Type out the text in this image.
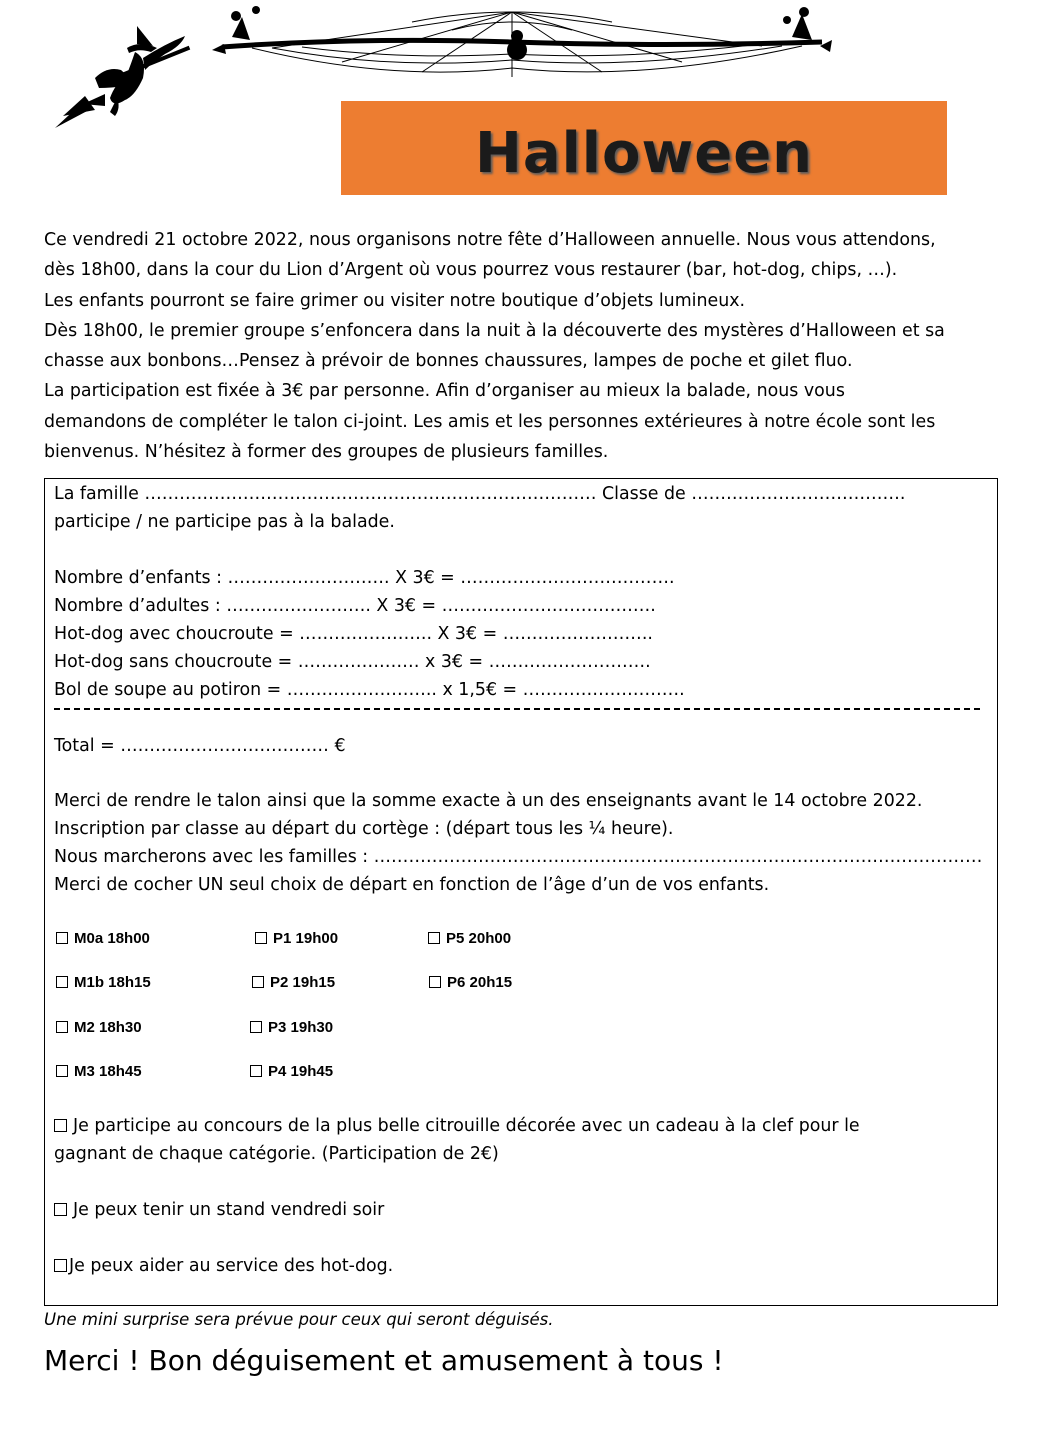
Halloween

Ce vendredi 21 octobre 2022, nous organisons notre fête d’Halloween annuelle. Nous vous attendons,

dès 18h00, dans la cour du Lion d’Argent où vous pourrez vous restaurer (bar, hot-dog, chips, …).

Les enfants pourront se faire grimer ou visiter notre boutique d’objets lumineux.

Dès 18h00, le premier groupe s’enfoncera dans la nuit à la découverte des mystères d’Halloween et sa

chasse aux bonbons…Pensez à prévoir de bonnes chaussures, lampes de poche et gilet fluo.

La participation est fixée à 3€ par personne. Afin d’organiser au mieux la balade, nous vous

demandons de compléter le talon ci-joint. Les amis et les personnes extérieures à notre école sont les

bienvenus. N’hésitez à former des groupes de plusieurs familles.

La famille …………………………………………………………………… Classe de ……………………………….
participe / ne participe pas à la balade.
Nombre d’enfants : ………………………. X 3€ = ……………………………….
Nombre d’adultes : ……………………. X 3€ = ……………………………….
Hot-dog avec choucroute = ………………….. X 3€ = ……………………..
Hot-dog sans choucroute = ………………… x 3€ = ……………………….
Bol de soupe au potiron = …………………….. x 1,5€ = ……………………….
Total = ……………………………… €
Merci de rendre le talon ainsi que la somme exacte à un des enseignants avant le 14 octobre 2022.
Inscription par classe au départ du cortège : (départ tous les ¼ heure).
Nous marcherons avec les familles : ……………………………………………………………………………………………
Merci de cocher UN seul choix de départ en fonction de l’âge d’un de vos enfants.
M0a 18h00	P1 19h00	P5 20h00
M1b 18h15	P2 19h15	P6 20h15
M2 18h30	P3 19h30
M3 18h45	P4 19h45
Je participe au concours de la plus belle citrouille décorée avec un cadeau à la clef pour le
gagnant de chaque catégorie. (Participation de 2€)
Je peux tenir un stand vendredi soir
Je peux aider au service des hot-dog.
Une mini surprise sera prévue pour ceux qui seront déguisés.
Merci ! Bon déguisement et amusement à tous !
